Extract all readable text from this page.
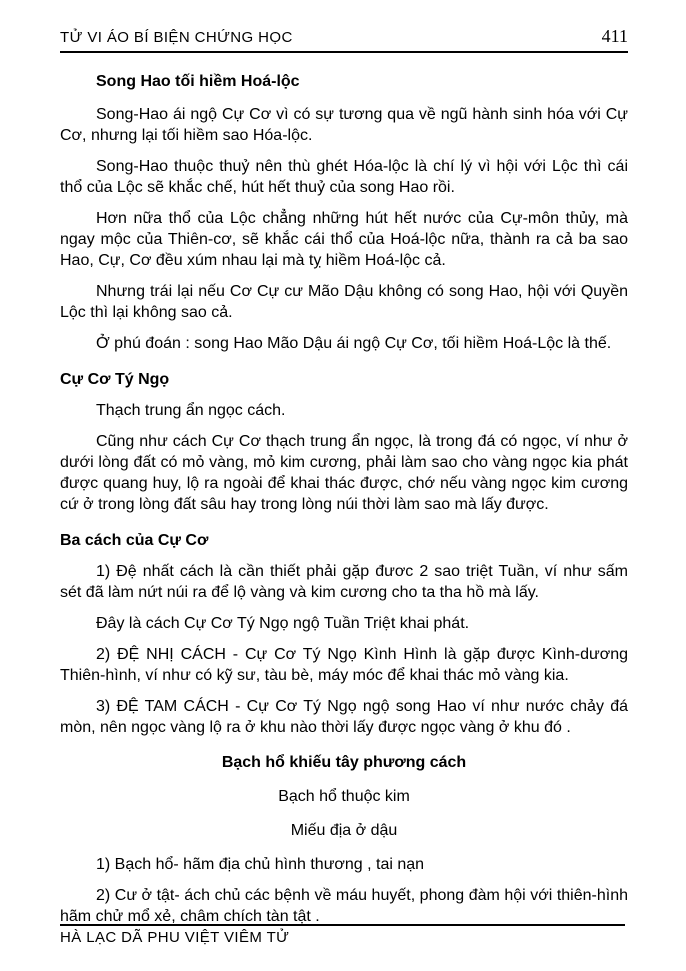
TỬ VI ÁO BÍ BIỆN CHỨNG HỌC	411

Song Hao tối hiềm Hoá-lộc

Song-Hao ái ngộ Cự Cơ vì có sự tương qua về ngũ hành sinh hóa với Cự Cơ, nhưng lại tối hiềm sao Hóa-lộc.

Song-Hao thuộc thuỷ nên thù ghét Hóa-lộc là chí lý vì hội với Lộc thì cái thổ của Lộc sẽ khắc chế, hút hết thuỷ của song Hao rồi.

Hơn nữa thổ của Lộc chẳng những hút hết nước của Cự-môn thủy, mà ngay mộc của Thiên-cơ, sẽ khắc cái thổ của Hoá-lộc nữa, thành ra cả ba sao Hao, Cự, Cơ đều xúm nhau lại mà tỵ hiềm Hoá-lộc cả.

Nhưng trái lại nếu Cơ Cự cư Mão Dậu không có song Hao, hội với Quyền Lộc thì lại không sao cả.

Ở phú đoán : song Hao Mão Dậu ái ngộ Cự Cơ, tối hiềm Hoá-Lộc là thế.

Cự Cơ Tý Ngọ

Thạch trung ẩn ngọc cách.

Cũng như cách Cự Cơ thạch trung ẩn ngọc, là trong đá có ngọc, ví như ở dưới lòng đất có mỏ vàng, mỏ kim cương, phải làm sao cho vàng ngọc kia phát được quang huy, lộ ra ngoài để khai thác được, chớ nếu vàng ngọc kim cương cứ ở trong lòng đất sâu hay trong lòng núi thời làm sao mà lấy được.

Ba cách của Cự Cơ

1) Đệ nhất cách là cần thiết phải gặp đươc 2 sao triệt Tuần, ví như sấm sét đã làm nứt núi ra để lộ vàng và kim cương cho ta tha hồ mà lấy.

Đây là cách Cự Cơ Tý Ngọ ngộ Tuần Triệt khai phát.

2) ĐỆ NHỊ CÁCH - Cự Cơ Tý Ngọ Kình Hình là gặp được Kình-dương Thiên-hình, ví như có kỹ sư, tàu bè, máy móc để khai thác mỏ vàng kia.

3) ĐỆ TAM CÁCH - Cự Cơ Tý Ngọ ngộ song Hao ví như nước chảy đá mòn, nên ngọc vàng lộ ra ở khu nào thời lấy được ngọc vàng ở khu đó .

Bạch hổ khiếu tây phương cách

Bạch hổ thuộc kim

Miếu địa ở dậu

1) Bạch hổ- hãm địa chủ hình thương , tai nạn

2) Cư ở tật- ách chủ các bệnh về máu huyết, phong đàm hội với thiên-hình hãm chử mổ xẻ, châm chích tàn tật .

HÀ LẠC DÃ PHU VIỆT VIÊM TỬ
